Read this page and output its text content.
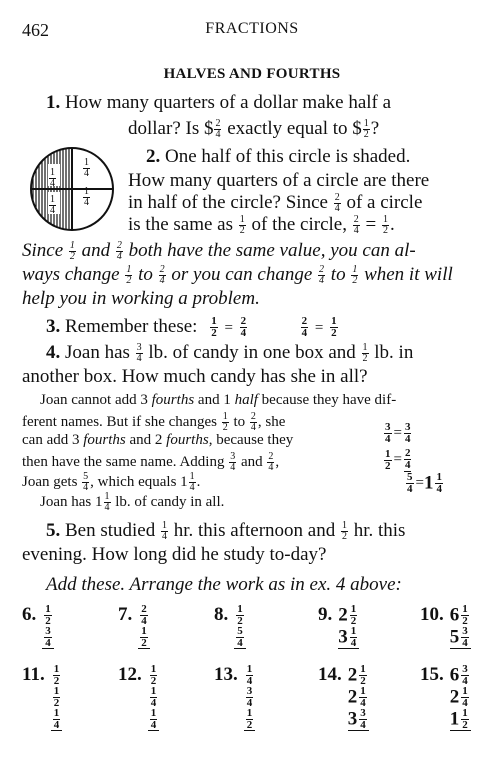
462	FRACTIONS
HALVES AND FOURTHS
1. How many quarters of a dollar make half a
dollar? Is $ $\frac{2}{4}$ exactly equal to $ $\frac{1}{2}$ ?
$\frac{1}{4}$
$\frac{1}{4}$
$\frac{1}{4}$
$\frac{1}{4}$
2. One half of this circle is shaded.
How many quarters of a circle are there
in half of the circle? Since $\frac{2}{4}$ of a circle
is the same as $\frac{1}{2}$ of the circle, $\frac{2}{4} = \frac{1}{2}$ .
Since $\frac{1}{2}$ and $\frac{2}{4}$ both have the same value, you can al-
ways change $\frac{1}{2}$ to $\frac{2}{4}$ or you can change $\frac{2}{4}$ to $\frac{1}{2}$ when it will
help you in working a problem.
3. Remember these: $\frac{1}{2} = \frac{2}{4}$
	$\frac{2}{4} = \frac{1}{2}$
4. Joan has $\frac{3}{4}$ lb. of candy in one box and $\frac{1}{2}$ lb. in
another box. How much candy has she in all?
Joan cannot add 3 fourths and 1 half because they have dif-
ferent names. But if she changes $\frac{1}{2}$ to $\frac{2}{4}$ , she
can add 3 fourths and 2 fourths, because they
then have the same name. Adding $\frac{3}{4}$ and $\frac{2}{4}$ ,
Joan gets $\frac{5}{4}$ , which equals $1 \frac{1}{4}$ .
Joan has $1 \frac{1}{4}$ lb. of candy in all.
$\frac{3}{4} = \frac{3}{4}$
$\frac{1}{2} = \frac{2}{4}$
$\frac{5}{4} =1 \frac{1}{4}$
5. Ben studied $\frac{1}{4}$ hr. this afternoon and $\frac{1}{2}$ hr. this
evening. How long did he study to-day?
Add these. Arrange the work as in ex. 4 above:
6. $\frac{1}{2}$
$\frac{3}{4}$
7. $\frac{2}{4}$
$\frac{1}{2}$
8. $\frac{1}{2}$
$\frac{5}{4}$
9. $2 \frac{1}{2}$
$3 \frac{1}{4}$
10. $6 \frac{1}{2}$
$5 \frac{3}{4}$
11. $\frac{1}{2}$
$\frac{1}{2}$
$\frac{1}{4}$
12. $\frac{1}{2}$
$\frac{1}{4}$
$\frac{1}{4}$
13. $\frac{1}{4}$
$\frac{3}{4}$
$\frac{1}{2}$
14. $2 \frac{1}{2}$
$2 \frac{1}{4}$
$3 \frac{3}{4}$
15. $6 \frac{3}{4}$
$2 \frac{1}{4}$
$1 \frac{1}{2}$
